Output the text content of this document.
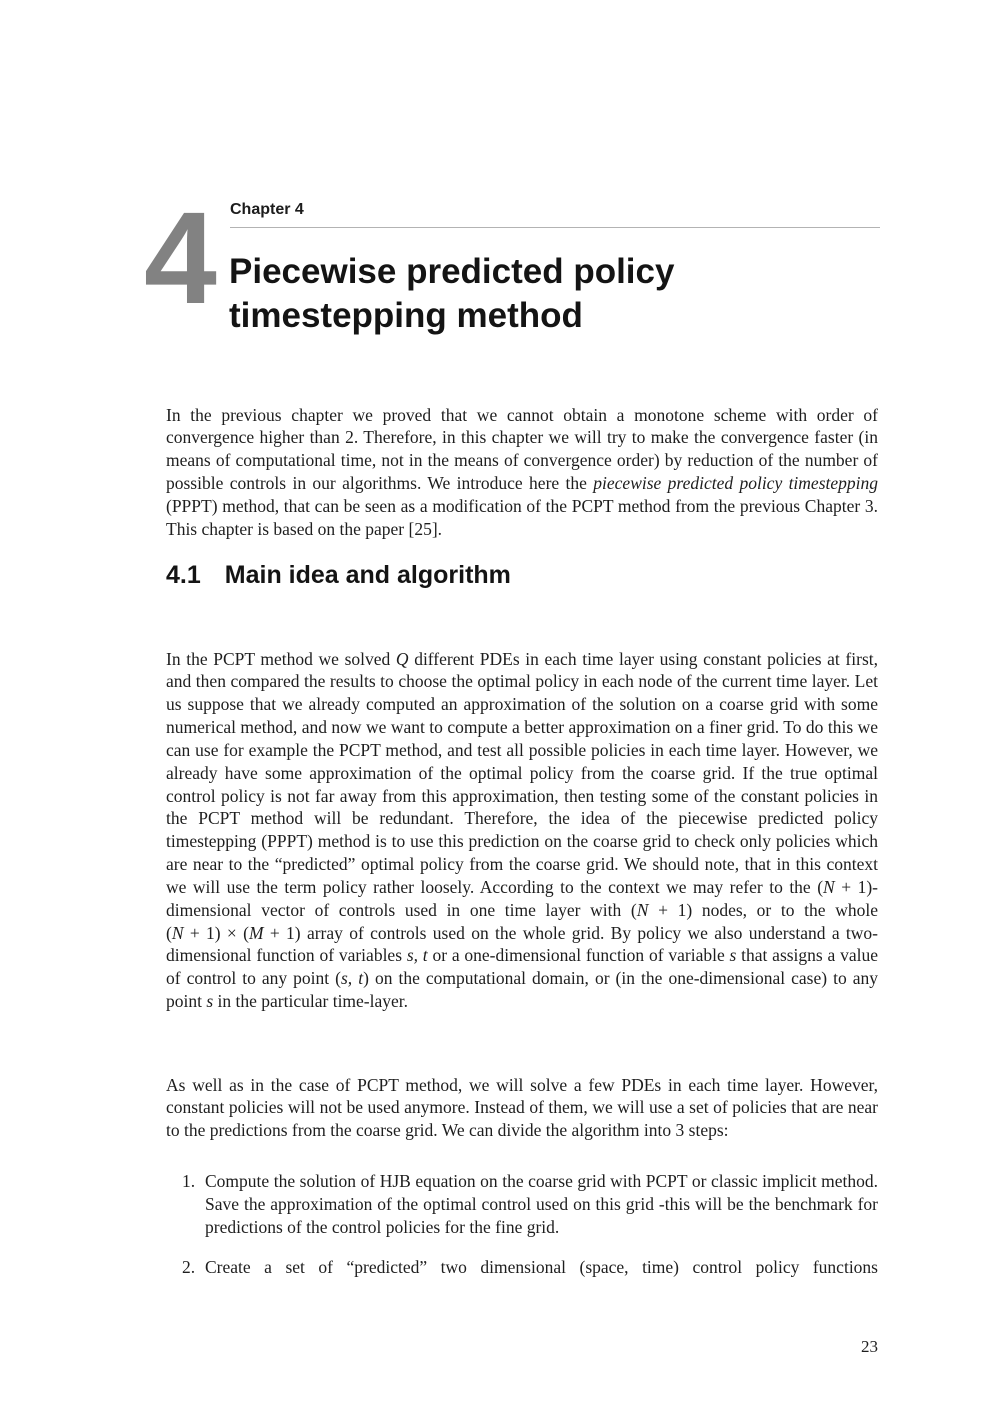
4 Chapter 4
Piecewise predicted policy
timestepping method

In the previous chapter we proved that we cannot obtain a monotone scheme with order of convergence higher than 2. Therefore, in this chapter we will try to make the convergence faster (in means of computational time, not in the means of convergence order) by reduction of the number of possible controls in our algorithms. We introduce here the piecewise predicted policy timestepping (PPPT) method, that can be seen as a modification of the PCPT method from the previous Chapter 3. This chapter is based on the paper [25].

4.1 Main idea and algorithm

In the PCPT method we solved Q different PDEs in each time layer using constant policies at first, and then compared the results to choose the optimal policy in each node of the current time layer. Let us suppose that we already computed an approximation of the solution on a coarse grid with some numerical method, and now we want to compute a better approximation on a finer grid. To do this we can use for example the PCPT method, and test all possible policies in each time layer. However, we already have some approximation of the optimal policy from the coarse grid. If the true optimal control policy is not far away from this approximation, then testing some of the constant policies in the PCPT method will be redundant. Therefore, the idea of the piecewise predicted policy timestepping (PPPT) method is to use this prediction on the coarse grid to check only policies which are near to the “predicted” optimal policy from the coarse grid. We should note, that in this context we will use the term policy rather loosely. According to the context we may refer to the (N + 1)-dimensional vector of controls used in one time layer with (N + 1) nodes, or to the whole (N + 1) × (M + 1) array of controls used on the whole grid. By policy we also understand a two-dimensional function of variables s, t or a one-dimensional function of variable s that assigns a value of control to any point (s, t) on the computational domain, or (in the one-dimensional case) to any point s in the particular time-layer.

As well as in the case of PCPT method, we will solve a few PDEs in each time layer. However, constant policies will not be used anymore. Instead of them, we will use a set of policies that are near to the predictions from the coarse grid. We can divide the algorithm into 3 steps:

1. Compute the solution of HJB equation on the coarse grid with PCPT or classic implicit method. Save the approximation of the optimal control used on this grid -this will be the benchmark for predictions of the control policies for the fine grid.
2. Create a set of “predicted” two dimensional (space, time) control policy functions
23
